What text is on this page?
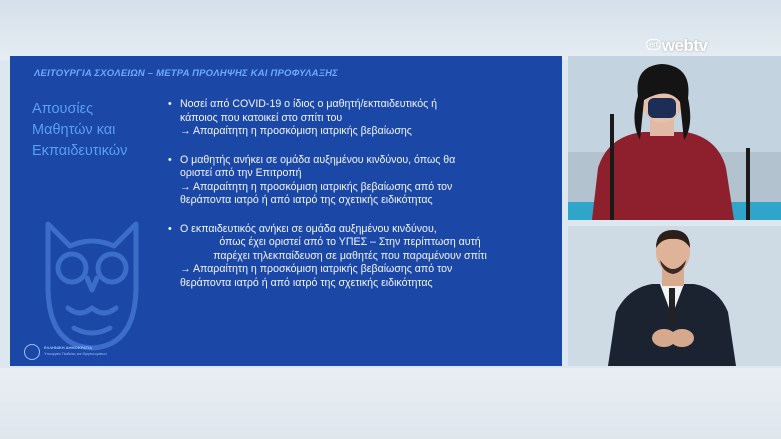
ert webtv
ΛΕΙΤΟΥΡΓΙΑ ΣΧΟΛΕΙΩΝ – ΜΕΤΡΑ ΠΡΟΛΗΨΗΣ ΚΑΙ ΠΡΟΦΥΛΑΞΗΣ
Απουσίες
Μαθητών και
Εκπαιδευτικών
• Νοσεί από COVID-19 ο ίδιος ο μαθητή/εκπαιδευτικός ή
κάποιος που κατοικεί στο σπίτι του
→ Απαραίτητη η προσκόμιση ιατρικής βεβαίωσης
• Ο μαθητής ανήκει σε ομάδα αυξημένου κινδύνου, όπως θα
οριστεί από την Επιτροπή
→ Απαραίτητη η προσκόμιση ιατρικής βεβαίωσης από τον
θεράποντα ιατρό ή από ιατρό της σχετικής ειδικότητας
• Ο εκπαιδευτικός ανήκει σε ομάδα αυξημένου κινδύνου,
όπως έχει οριστεί από το ΥΠΕΣ – Στην περίπτωση αυτή
παρέχει τηλεκπαίδευση σε μαθητές που παραμένουν σπίτι
→ Απαραίτητη η προσκόμιση ιατρικής βεβαίωσης από τον
θεράποντα ιατρό ή από ιατρό της σχετικής ειδικότητας
ΕΛΛΗΝΙΚΗ ΔΗΜΟΚΡΑΤΙΑ
Υπουργείο Παιδείας και Θρησκευμάτων
